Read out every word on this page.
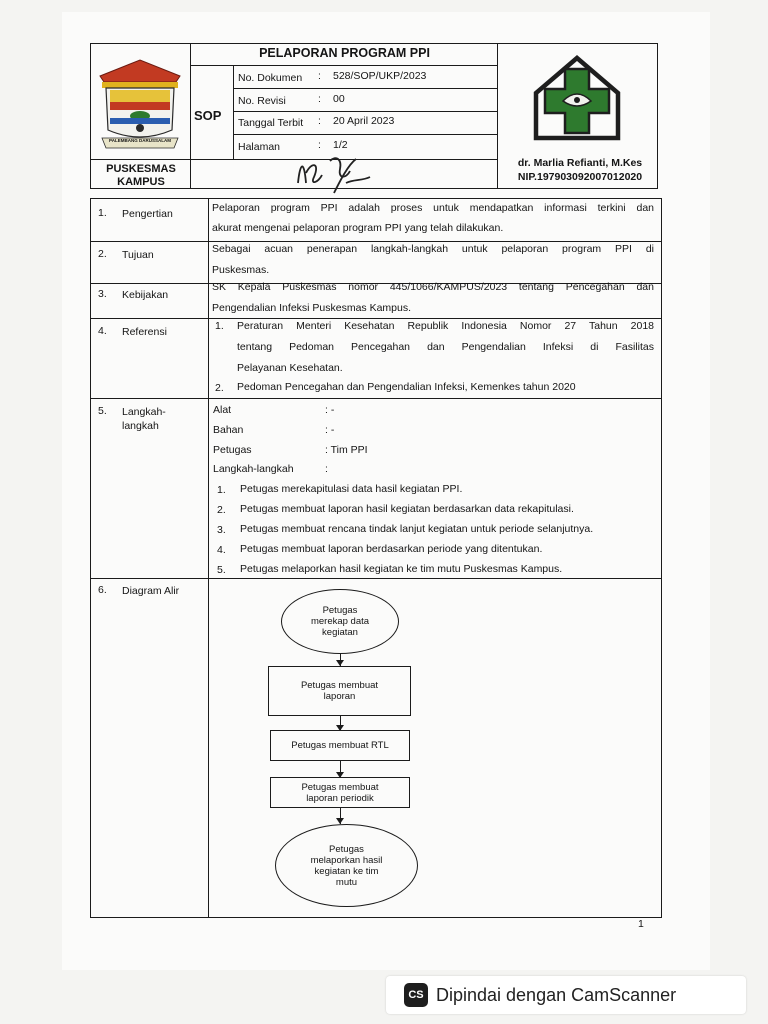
PELAPORAN PROGRAM PPI
PALEMBANG DARUSSALAM
SOP
No. Dokumen : 528/SOP/UKP/2023
No. Revisi	: 00
Tanggal Terbit : 20 April 2023
Halaman	: 1/2
PUSKESMAS
KAMPUS
dr. Marlia Refianti, M.Kes
NIP.197903092007012020
1. Pengertian	Pelaporan program PPI adalah proses untuk mendapatkan informasi terkini dan
akurat mengenai pelaporan program PPI yang telah dilakukan.
2. Tujuan	Sebagai acuan penerapan langkah-langkah untuk pelaporan program PPI di
Puskesmas.
3. Kebijakan
SK Kepala Puskesmas nomor 445/1066/KAMPUS/2023 tentang Pencegahan dan
Pengendalian Infeksi Puskesmas Kampus.
4. Referensi	1. Peraturan Menteri Kesehatan Republik Indonesia Nomor 27 Tahun 2018
tentang Pedoman Pencegahan dan Pengendalian Infeksi di Fasilitas
Pelayanan Kesehatan.
2. Pedoman Pencegahan dan Pengendalian Infeksi, Kemenkes tahun 2020
5. Langkah-
langkah
Alat	: -
Bahan	: -
Petugas	: Tim PPI
Langkah-langkah	:
1. Petugas merekapitulasi data hasil kegiatan PPI.
2. Petugas membuat laporan hasil kegiatan berdasarkan data rekapitulasi.
3. Petugas membuat rencana tindak lanjut kegiatan untuk periode selanjutnya.
4. Petugas membuat laporan berdasarkan periode yang ditentukan.
5. Petugas melaporkan hasil kegiatan ke tim mutu Puskesmas Kampus.
6. Diagram Alir
Petugas
merekap data
kegiatan
Petugas membuat
laporan
Petugas membuat RTL
Petugas membuat
laporan periodik
Petugas
melaporkan hasil
kegiatan ke tim
mutu
1
CS Dipindai dengan CamScanner
